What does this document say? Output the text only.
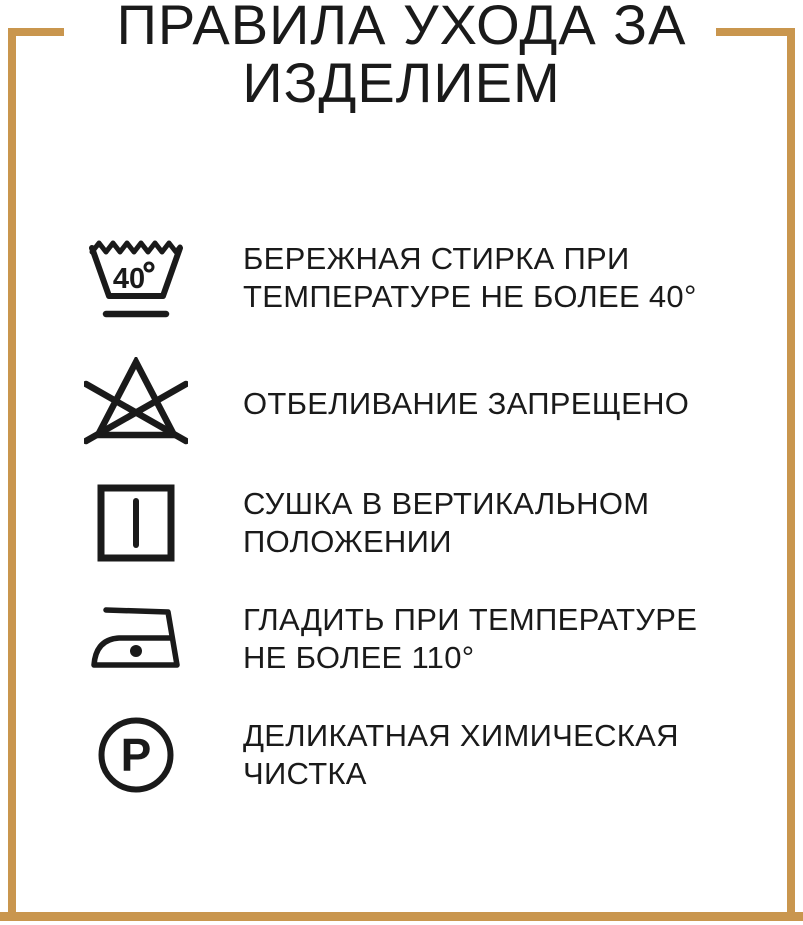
ПРАВИЛА УХОДА ЗА
ИЗДЕЛИЕМ
40
БЕРЕЖНАЯ СТИРКА ПРИ
ТЕМПЕРАТУРЕ НЕ БОЛЕЕ 40°
ОТБЕЛИВАНИЕ ЗАПРЕЩЕНО
СУШКА В ВЕРТИКАЛЬНОМ
ПОЛОЖЕНИИ
ГЛАДИТЬ ПРИ ТЕМПЕРАТУРЕ
НЕ БОЛЕЕ 110°
P	ДЕЛИКАТНАЯ ХИМИЧЕСКАЯ
ЧИСТКА
